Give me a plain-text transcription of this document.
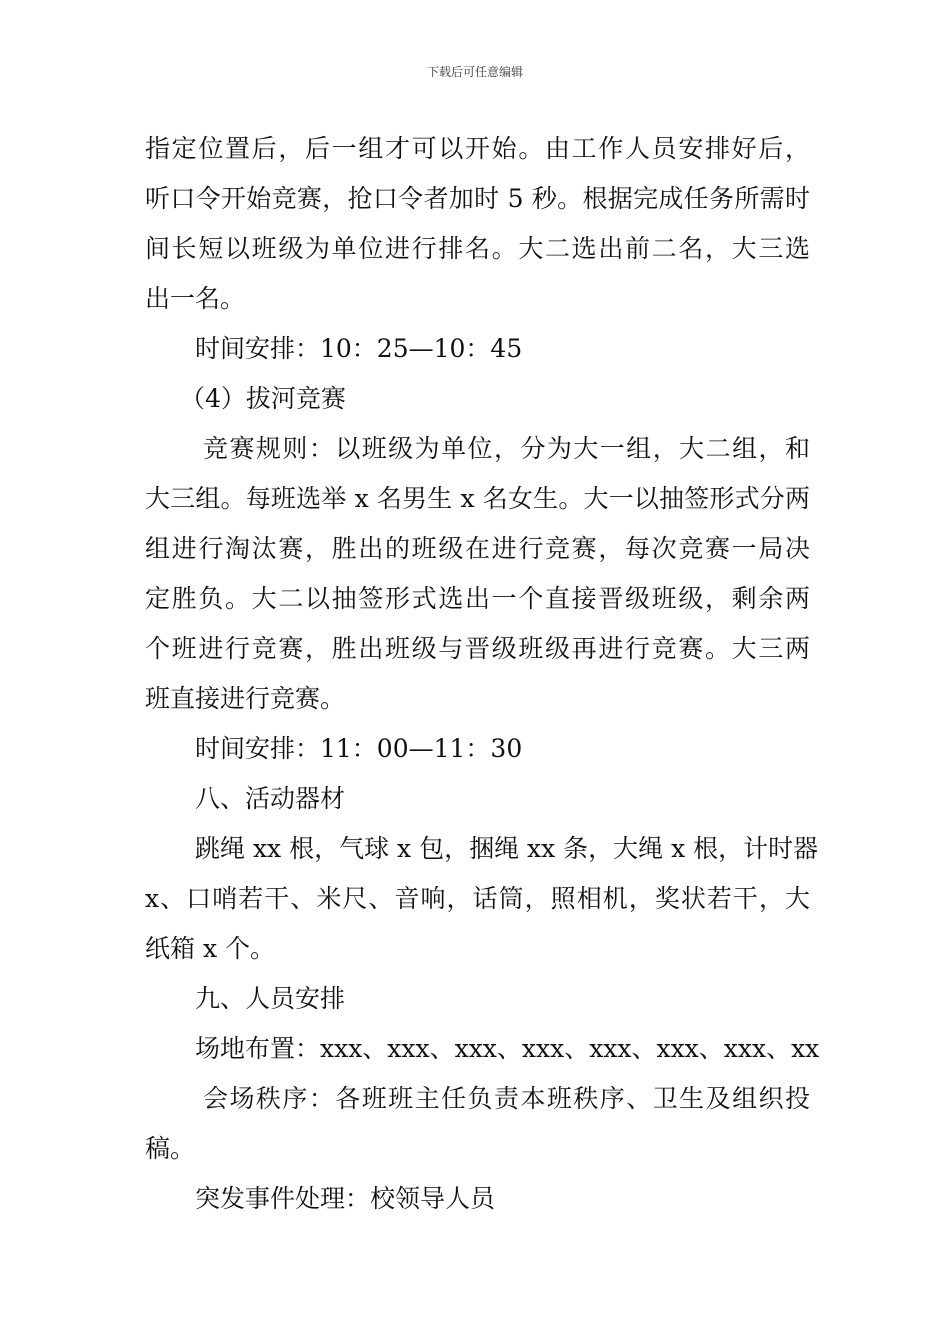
下载后可任意编辑
指定位置后，后一组才可以开始。由工作人员安排好后，
听口令开始竞赛，抢口令者加时 5 秒。根据完成任务所需时
间长短以班级为单位进行排名。大二选出前二名，大三选
出一名。
时间安排：10：25—10：45
（4）拔河竞赛
竞赛规则：以班级为单位，分为大一组，大二组，和
大三组。每班选举 x 名男生 x 名女生。大一以抽签形式分两
组进行淘汰赛，胜出的班级在进行竞赛，每次竞赛一局决
定胜负。大二以抽签形式选出一个直接晋级班级，剩余两
个班进行竞赛，胜出班级与晋级班级再进行竞赛。大三两
班直接进行竞赛。
时间安排：11：00—11：30
八、活动器材
跳绳 xx 根，气球 x 包，捆绳 xx 条，大绳 x 根，计时器
x、口哨若干、米尺、音响，话筒，照相机，奖状若干，大
纸箱 x 个。
九、人员安排
场地布置：xxx、xxx、xxx、xxx、xxx、xxx、xxx、xx
会场秩序：各班班主任负责本班秩序、卫生及组织投
稿。
突发事件处理：校领导人员
